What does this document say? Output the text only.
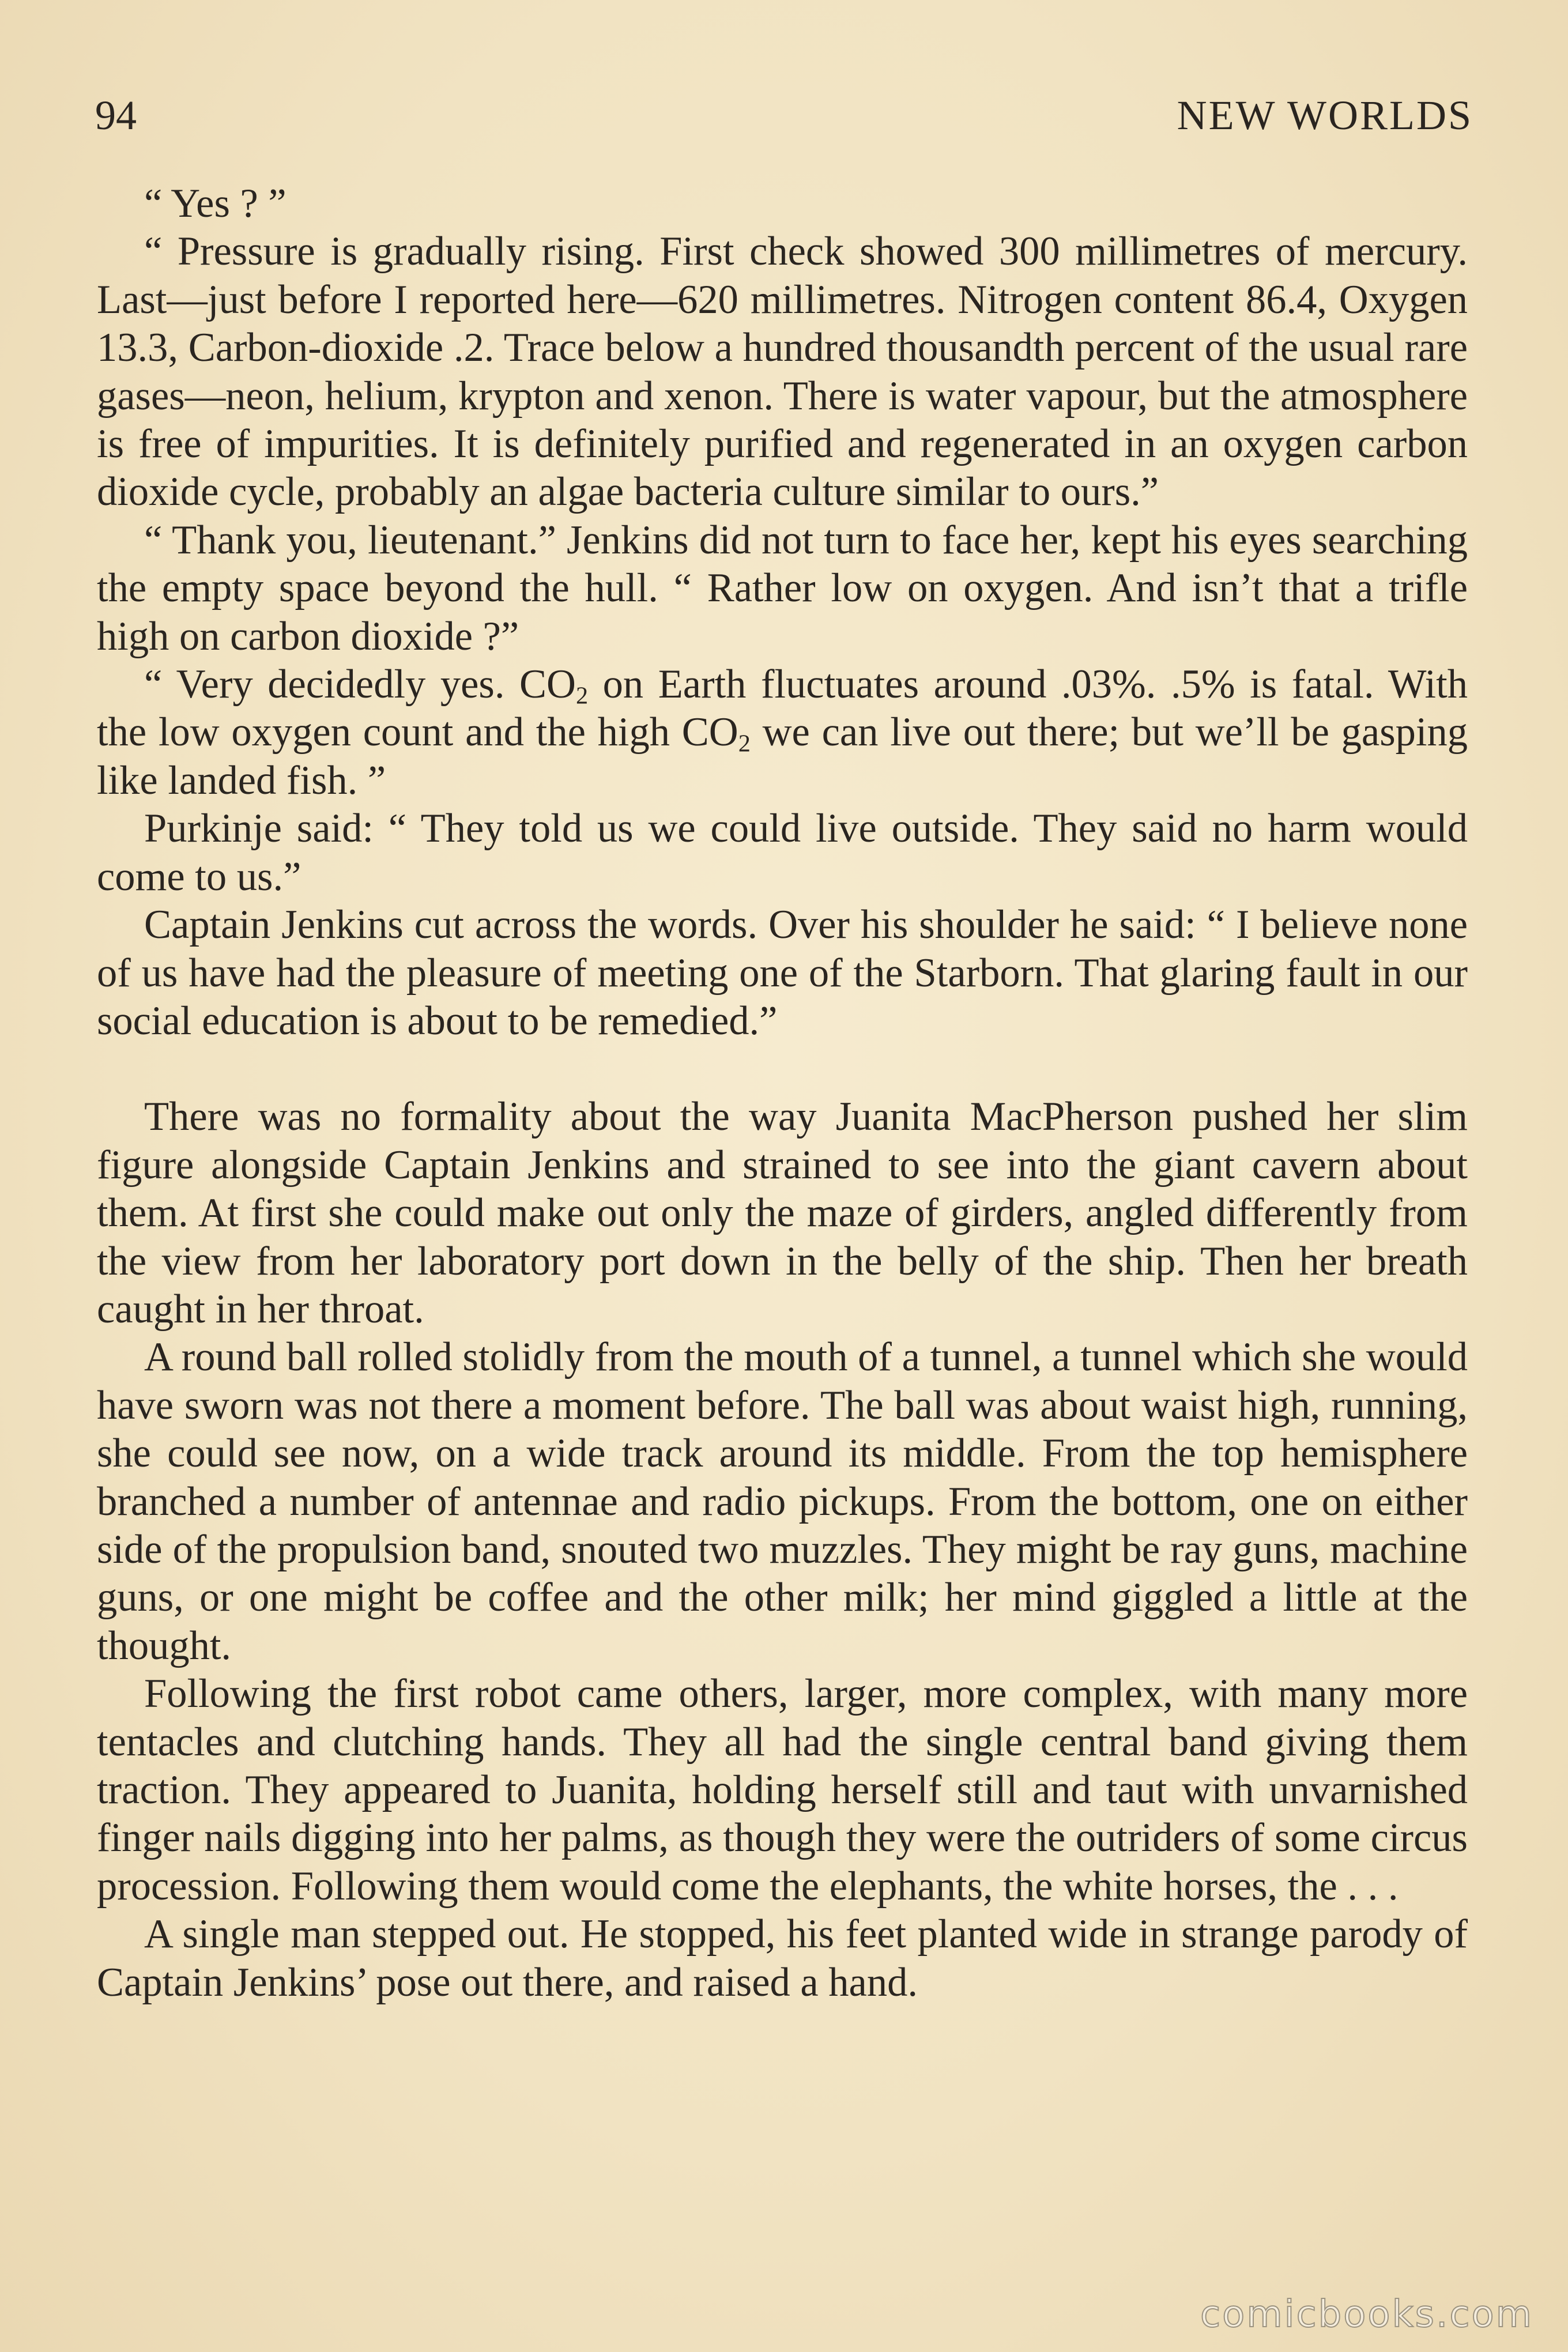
94	NEW WORLDS

“ Yes ? ”

“ Pressure is gradually rising. First check showed 300 millimetres of mercury. Last—just before I reported here—620 millimetres. Nitrogen content 86.4, Oxygen 13.3, Carbon-dioxide .2. Trace below a hundred thousandth percent of the usual rare gases—neon, helium, krypton and xenon. There is water vapour, but the atmosphere is free of impurities. It is definitely purified and regenerated in an oxygen carbon dioxide cycle, probably an algae bacteria culture similar to ours.”

“ Thank you, lieutenant.” Jenkins did not turn to face her, kept his eyes searching the empty space beyond the hull. “ Rather low on oxygen. And isn’t that a trifle high on carbon dioxide ?”

“ Very decidedly yes. $CO_2$ on Earth fluctuates around .03%. .5% is fatal. With the low oxygen count and the high $CO_2$ we can live out there; but we’ll be gasping like landed fish. ”

Purkinje said: “ They told us we could live outside. They said no harm would come to us.”

Captain Jenkins cut across the words. Over his shoulder he said: “ I believe none of us have had the pleasure of meeting one of the Starborn. That glaring fault in our social education is about to be remedied.”

There was no formality about the way Juanita MacPherson pushed her slim figure alongside Captain Jenkins and strained to see into the giant cavern about them. At first she could make out only the maze of girders, angled differently from the view from her laboratory port down in the belly of the ship. Then her breath caught in her throat.

A round ball rolled stolidly from the mouth of a tunnel, a tunnel which she would have sworn was not there a moment before. The ball was about waist high, running, she could see now, on a wide track around its middle. From the top hemisphere branched a number of antennae and radio pickups. From the bottom, one on either side of the propulsion band, snouted two muzzles. They might be ray guns, machine guns, or one might be coffee and the other milk; her mind giggled a little at the thought.

Following the first robot came others, larger, more complex, with many more tentacles and clutching hands. They all had the single central band giving them traction. They appeared to Juanita, holding herself still and taut with unvarnished finger nails digging into her palms, as though they were the outriders of some circus procession. Following them would come the elephants, the white horses, the . . .

A single man stepped out. He stopped, his feet planted wide in strange parody of Captain Jenkins’ pose out there, and raised a hand.

comicbooks.com
